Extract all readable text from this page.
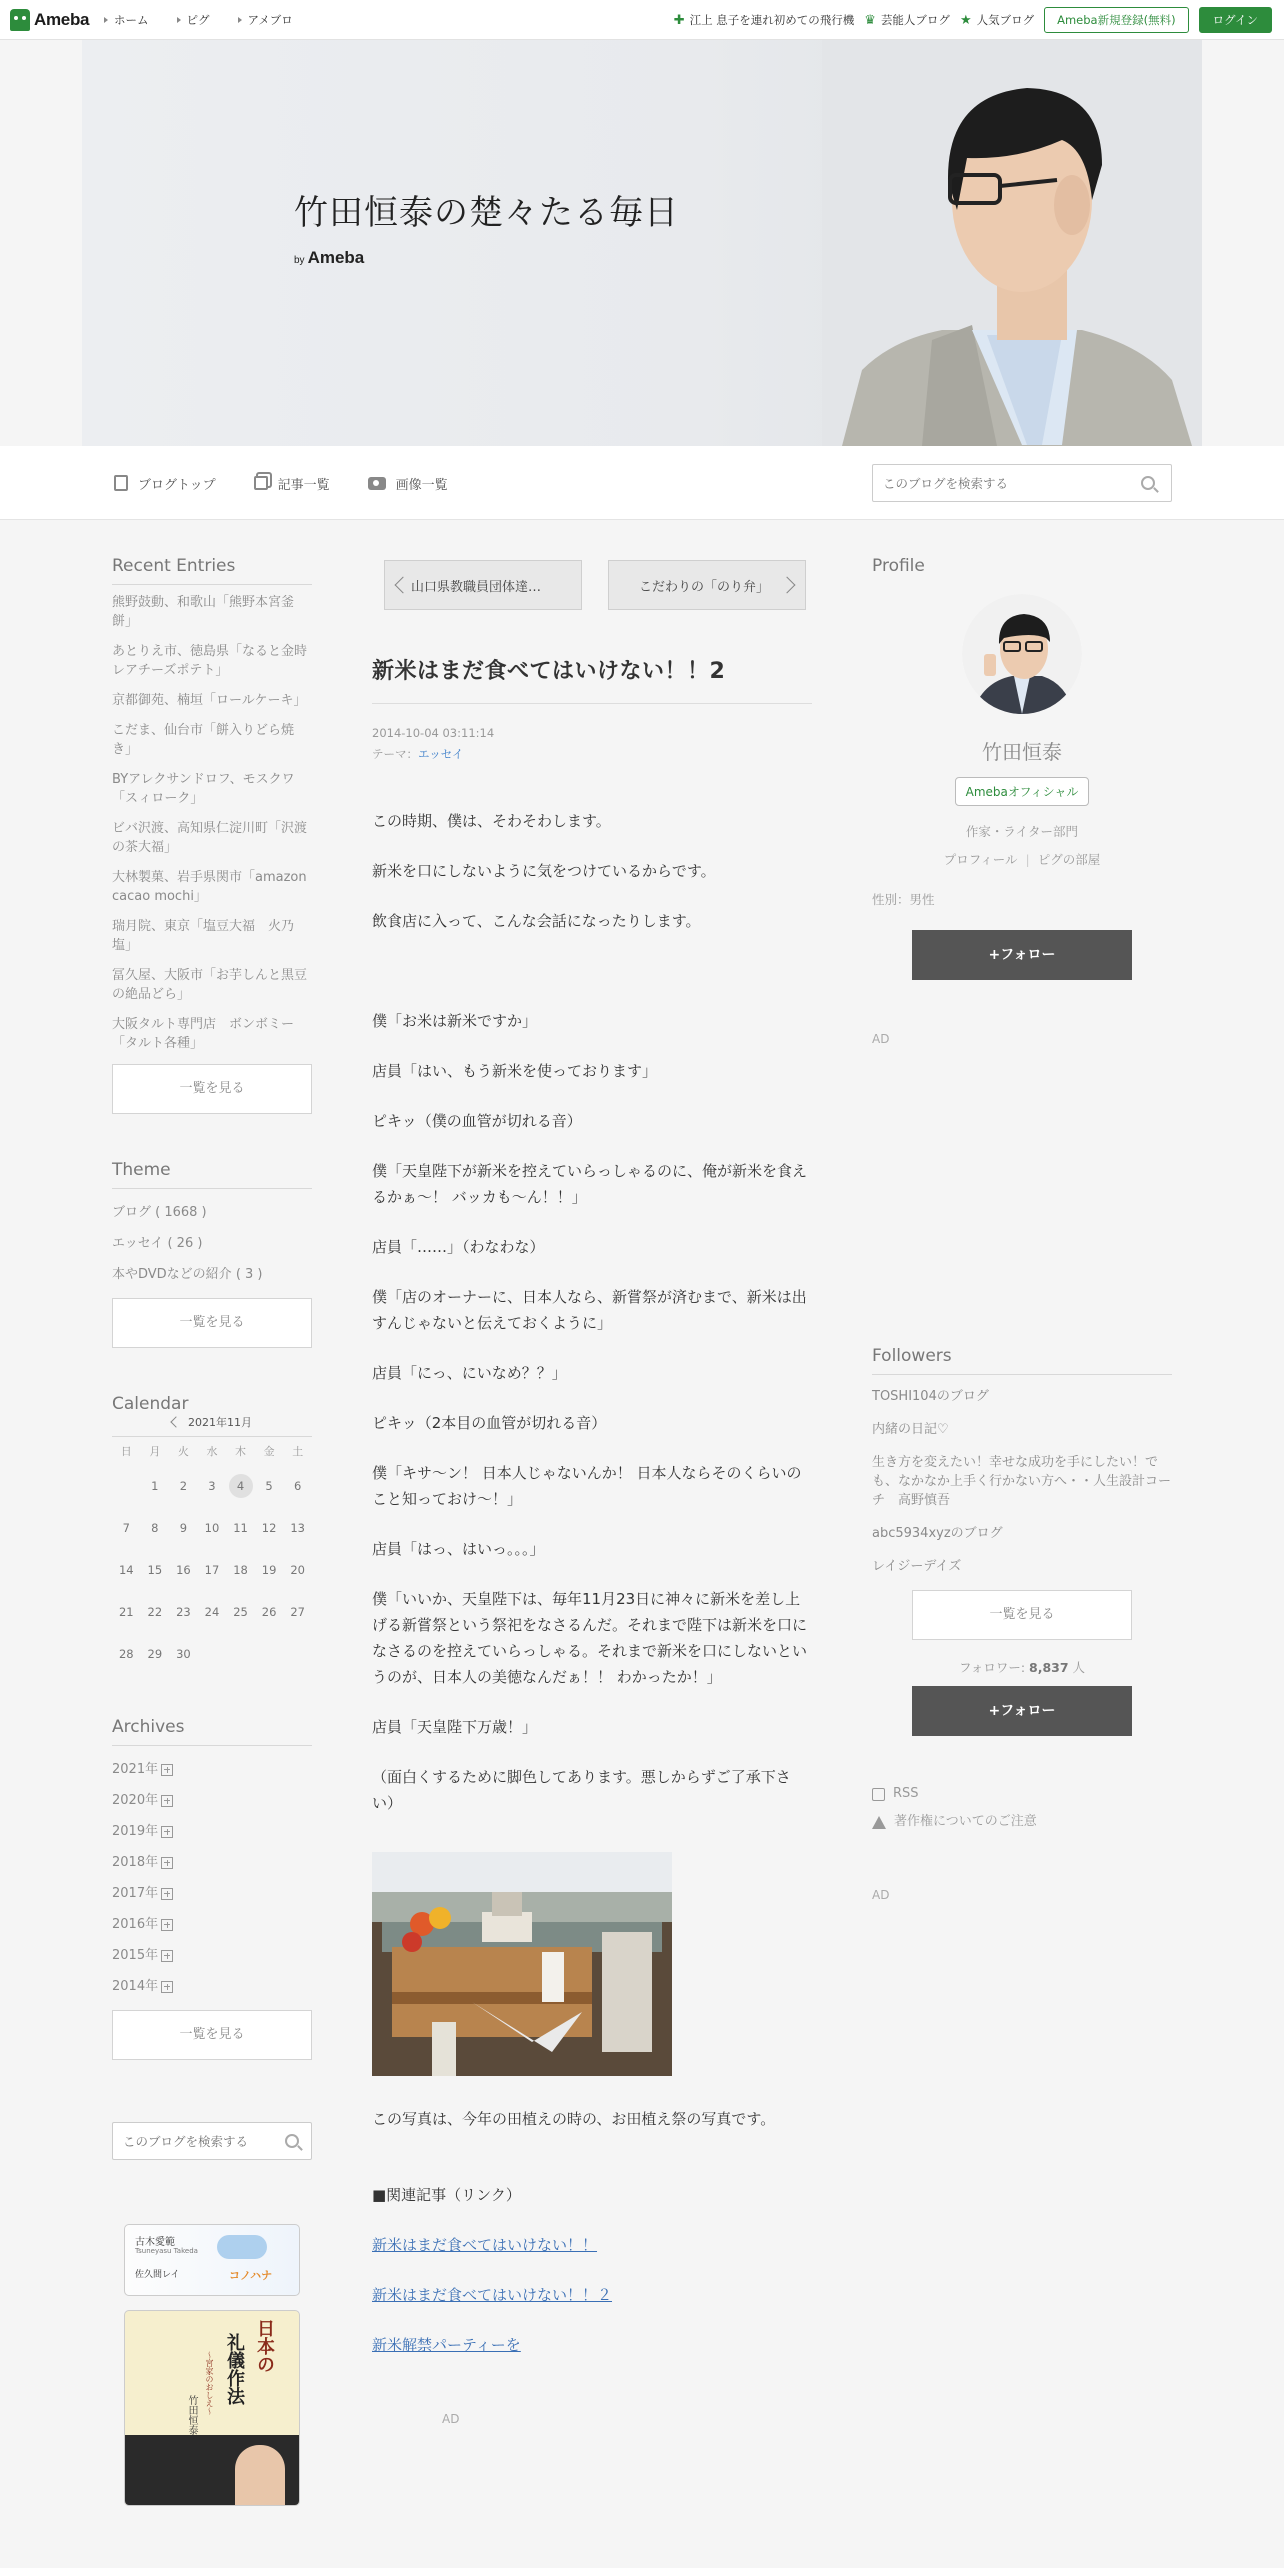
Ameba ホーム	ピグ	アメブロ	✚ 江上 息子を連れ初めての飛行機 ♛ 芸能人ブログ ★ 人気ブログ	Ameba新規登録(無料)	ログイン
竹田恒泰の楚々たる毎日
by Ameba
ブログトップ	記事一覧	画像一覧
このブログを検索する
Recent Entries
熊野鼓動、和歌山「熊野本宮釜餅」
あとりえ市、徳島県「なると金時レアチーズポテト」
京都御苑、楠垣「ロールケーキ」
こだま、仙台市「餅入りどら焼き」
BYアレクサンドロフ、モスクワ「スィローク」
ビバ沢渡、高知県仁淀川町「沢渡の茶大福」
大林製菓、岩手県関市「amazon cacao mochi」
瑞月院、東京「塩豆大福　火乃塩」
冨久屋、大阪市「お芋しんと黒豆の絶品どら」
大阪タルト専門店　ボンボミー「タルト各種」
一覧を見る
Theme
ブログ ( 1668 )
エッセイ ( 26 )
本やDVDなどの紹介 ( 3 )
一覧を見る
Calendar
2021年11月
日	月	火	水	木	金	土
	1	2	3	4	5	6
7	8	9	10	11	12	13
14	15	16	17	18	19	20
21	22	23	24	25	26	27
28	29	30				
Archives
2021年
2020年
2019年
2018年
2017年
2016年
2015年
2014年
一覧を見る
このブログを検索する
古木愛範
Tsuneyasu Takeda
佐久間レイ	コノハナ
日本の
礼儀作法
〜宮家のおしえ〜
竹田恒泰
山口県教職員団体達…	こだわりの「のり弁」
新米はまだ食べてはいけない！！2
2014-10-04 03:11:14
テーマ：エッセイ

この時期、僕は、そわそわします。

新米を口にしないように気をつけているからです。

飲食店に入って、こんな会話になったりします。

僕「お米は新米ですか」

店員「はい、もう新米を使っております」

ピキッ（僕の血管が切れる音）

僕「天皇陛下が新米を控えていらっしゃるのに、俺が新米を食えるかぁ～！ バッカも～ん！！」

店員「……」（わなわな）

僕「店のオーナーに、日本人なら、新嘗祭が済むまで、新米は出すんじゃないと伝えておくように」

店員「にっ、にいなめ？？」

ピキッ（2本目の血管が切れる音）

僕「キサ～ン！ 日本人じゃないんか！ 日本人ならそのくらいのこと知っておけ～！」

店員「はっ、はいっ。。。」

僕「いいか、天皇陛下は、毎年11月23日に神々に新米を差し上げる新嘗祭という祭祀をなさるんだ。それまで陛下は新米を口になさるのを控えていらっしゃる。それまで新米を口にしないというのが、日本人の美徳なんだぁ！！ わかったか！」

店員「天皇陛下万歳！」

（面白くするために脚色してあります。悪しからずご了承下さい）

この写真は、今年の田植えの時の、お田植え祭の写真です。

■関連記事（リンク）

新米はまだ食べてはいけない！！
新米はまだ食べてはいけない！！２
新米解禁パーティーを
AD
Profile
竹田恒泰
Amebaオフィシャル
作家・ライター部門
プロフィール | ピグの部屋
性別：男性
+フォロー
AD
Followers
TOSHI104のブログ
内緒の日記♡
生き方を変えたい！幸せな成功を手にしたい！でも、なかなか上手く行かない方へ・・人生設計コーチ　高野慎吾
abc5934xyzのブログ
レイジーデイズ
一覧を見る
フォロワー: 8,837 人
+フォロー
RSS
著作権についてのご注意
AD
